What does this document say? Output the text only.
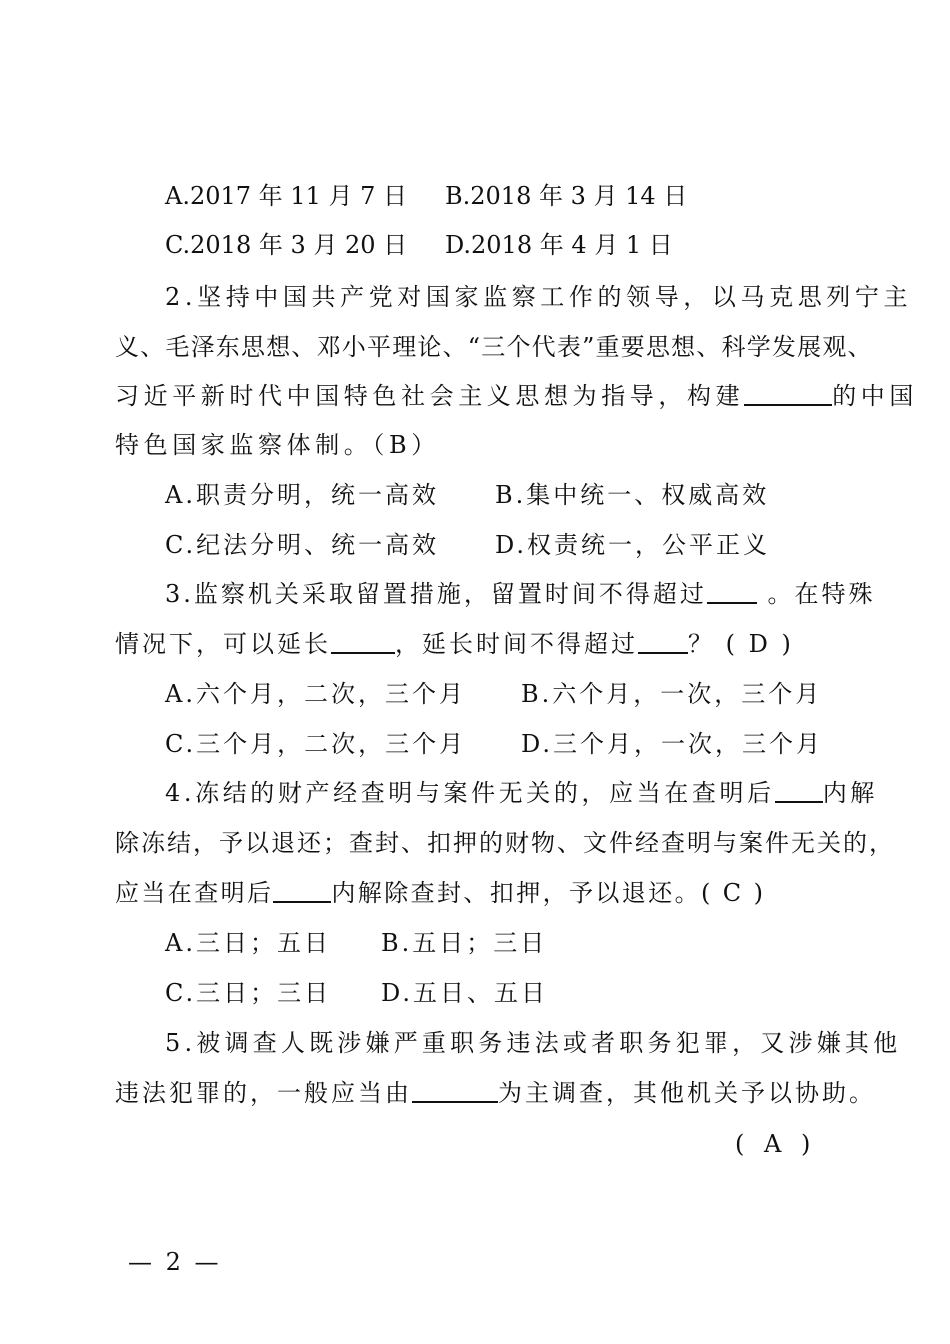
A.2017 年 11 月 7 日 B.2018 年 3 月 14 日
C.2018 年 3 月 20 日 D.2018 年 4 月 1 日
2.坚持中国共产党对国家监察工作的领导，以马克思列宁主
义、毛泽东思想、邓小平理论、“三个代表”重要思想、科学发展观、
习近平新时代中国特色社会主义思想为指导，构建	的中国
特色国家监察体制。（B）
A.职责分明，统一高效 B.集中统一、权威高效
C.纪法分明、统一高效 D.权责统一，公平正义
3.监察机关采取留置措施，留置时间不得超过 。在特殊
情况下，可以延长	，延长时间不得超过 ？ ( D )
A.六个月，二次，三个月 B.六个月，一次，三个月
C.三个月，二次，三个月 D.三个月，一次，三个月
4.冻结的财产经查明与案件无关的，应当在查明后 内解
除冻结，予以退还；查封、扣押的财物、文件经查明与案件无关的，
应当在查明后 内解除查封、扣押，予以退还。( C )
A.三日；五日 B.五日；三日
C.三日；三日 D.五日、五日
5.被调查人既涉嫌严重职务违法或者职务犯罪，又涉嫌其他
违法犯罪的，一般应当由	为主调查，其他机关予以协助。
( A )
— 2 —
